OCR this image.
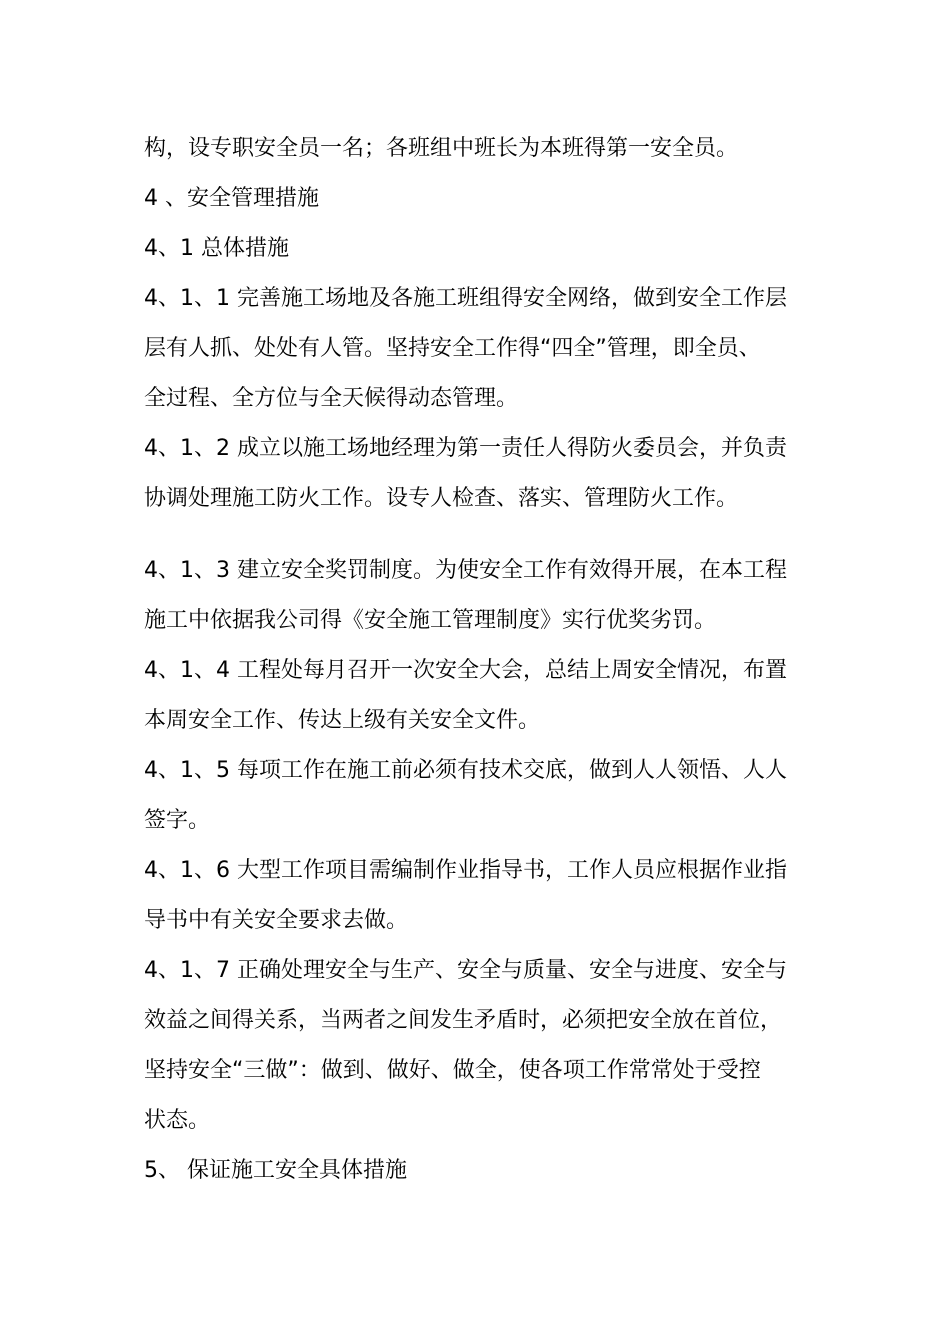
构，设专职安全员一名；各班组中班长为本班得第一安全员。
4 、安全管理措施
4、1 总体措施
4、1、1 完善施工场地及各施工班组得安全网络，做到安全工作层
层有人抓、处处有人管。坚持安全工作得“四全”管理，即全员、
全过程、全方位与全天候得动态管理。
4、1、2 成立以施工场地经理为第一责任人得防火委员会，并负责
协调处理施工防火工作。设专人检查、落实、管理防火工作。
4、1、3 建立安全奖罚制度。为使安全工作有效得开展，在本工程
施工中依据我公司得《安全施工管理制度》实行优奖劣罚。
4、1、4 工程处每月召开一次安全大会，总结上周安全情况，布置
本周安全工作、传达上级有关安全文件。
4、1、5 每项工作在施工前必须有技术交底，做到人人领悟、人人
签字。
4、1、6 大型工作项目需编制作业指导书，工作人员应根据作业指
导书中有关安全要求去做。
4、1、7 正确处理安全与生产、安全与质量、安全与进度、安全与
效益之间得关系，当两者之间发生矛盾时，必须把安全放在首位，
坚持安全“三做”：做到、做好、做全，使各项工作常常处于受控
状态。
5、 保证施工安全具体措施
